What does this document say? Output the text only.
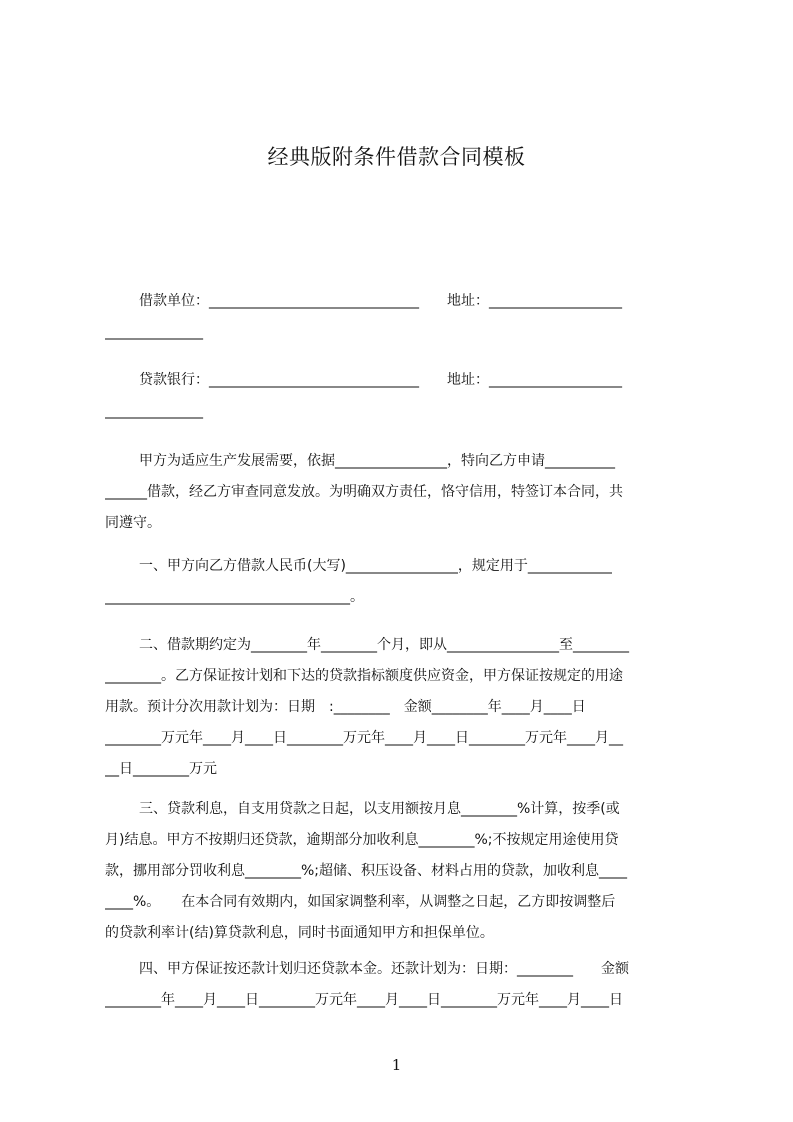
经典版附条件借款合同模板
借款单位：______________________________　　地址：___________________
______________
贷款银行：______________________________　　地址：___________________
______________
甲方为适应生产发展需要，依据________________，特向乙方申请__________
______借款，经乙方审查同意发放。为明确双方责任，恪守信用，特签订本合同，共
同遵守。
一、甲方向乙方借款人民币(大写)________________，规定用于____________
___________________________________。
二、借款期约定为________年________个月，即从________________至________
________。乙方保证按计划和下达的贷款指标额度供应资金，甲方保证按规定的用途
用款。预计分次用款计划为：日期　:________　金额________年____月____日
________万元年____月____日________万元年____月____日________万元年____月__
__日________万元
三、贷款利息，自支用贷款之日起，以支用额按月息________%计算，按季(或
月)结息。甲方不按期归还贷款，逾期部分加收利息________%;不按规定用途使用贷
款，挪用部分罚收利息________%;超储、积压设备、材料占用的贷款，加收利息____
____%。　　在本合同有效期内，如国家调整利率，从调整之日起，乙方即按调整后
的贷款利率计(结)算贷款利息，同时书面通知甲方和担保单位。
四、甲方保证按还款计划归还贷款本金。还款计划为：日期：________　　金额
________年____月____日________万元年____月____日________万元年____月____日
1
